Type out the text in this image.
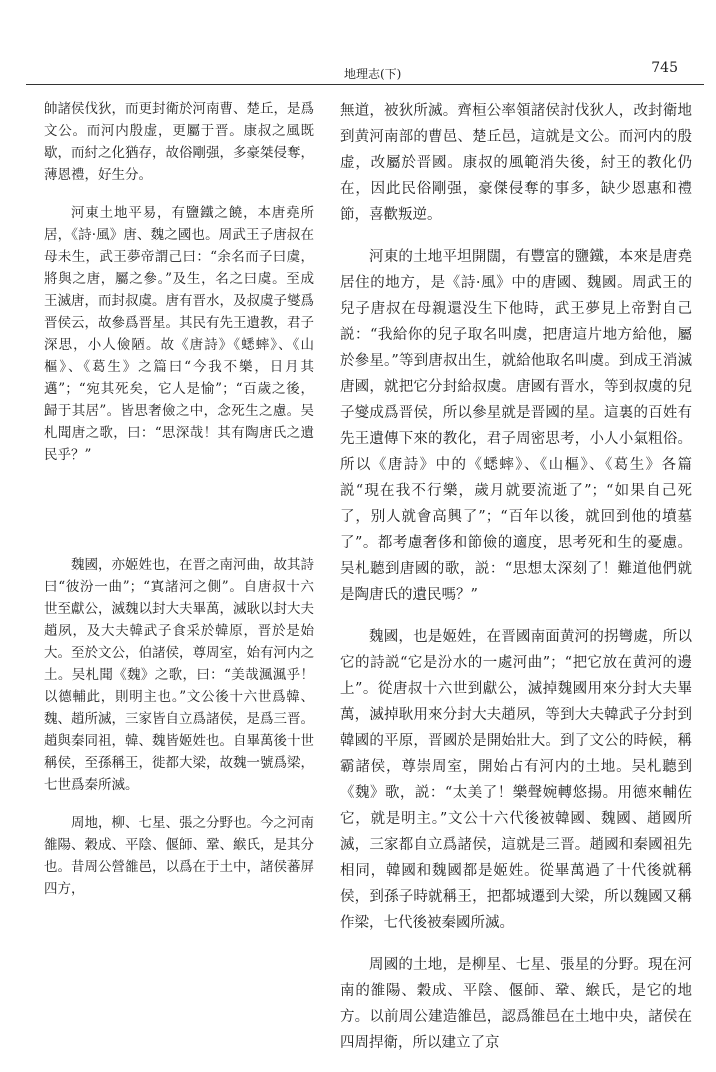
地理志(下)	745

帥諸侯伐狄，而更封衛於河南曹、楚丘，是爲文公。而河内殷虚，更屬于晋。康叔之風既歇，而紂之化猶存，故俗剛强，多豪桀侵奪，薄恩禮，好生分。

河東土地平易，有鹽鐵之饒，本唐堯所居，《詩·風》唐、魏之國也。周武王子唐叔在母未生，武王夢帝謂己曰：“余名而子曰虞，將與之唐，屬之參。”及生，名之曰虞。至成王滅唐，而封叔虞。唐有晋水，及叔虞子燮爲晋侯云，故參爲晋星。其民有先王遺教，君子深思，小人儉陋。故《唐詩》《蟋蟀》、《山樞》、《葛生》之篇曰“今我不樂，日月其邁”；“宛其死矣，它人是愉”；“百歲之後，歸于其居”。皆思奢儉之中，念死生之慮。吴札聞唐之歌，曰：“思深哉！其有陶唐氏之遺民乎？”

魏國，亦姬姓也，在晋之南河曲，故其詩曰“彼汾一曲”；“寘諸河之側”。自唐叔十六世至獻公，滅魏以封大夫畢萬，滅耿以封大夫趙夙，及大夫韓武子食采於韓原，晋於是始大。至於文公，伯諸侯，尊周室，始有河内之土。吴札聞《魏》之歌，曰：“美哉渢渢乎！以德輔此，則明主也。”文公後十六世爲韓、魏、趙所滅，三家皆自立爲諸侯，是爲三晋。趙與秦同祖，韓、魏皆姬姓也。自畢萬後十世稱侯，至孫稱王，徙都大梁，故魏一號爲梁，七世爲秦所滅。

周地，柳、七星、張之分野也。今之河南雒陽、穀成、平陰、偃師、鞏、緱氏，是其分也。昔周公營雒邑，以爲在于土中，諸侯蕃屏四方，

無道，被狄所滅。齊桓公率領諸侯討伐狄人，改封衛地到黄河南部的曹邑、楚丘邑，這就是文公。而河内的殷虚，改屬於晋國。康叔的風範消失後，紂王的教化仍在，因此民俗剛强，豪傑侵奪的事多，缺少恩惠和禮節，喜歡叛逆。

河東的土地平坦開闊，有豐富的鹽鐵，本來是唐堯居住的地方，是《詩·風》中的唐國、魏國。周武王的兒子唐叔在母親還没生下他時，武王夢見上帝對自己説：“我給你的兒子取名叫虞，把唐這片地方給他，屬於參星。”等到唐叔出生，就給他取名叫虞。到成王消滅唐國，就把它分封給叔虞。唐國有晋水，等到叔虞的兒子燮成爲晋侯，所以參星就是晋國的星。這裏的百姓有先王遺傳下來的教化，君子周密思考，小人小氣粗俗。所以《唐詩》中的《蟋蟀》、《山樞》、《葛生》各篇説“現在我不行樂，歲月就要流逝了”；“如果自己死了，别人就會高興了”；“百年以後，就回到他的墳墓了”。都考慮奢侈和節儉的適度，思考死和生的憂慮。吴札聽到唐國的歌，説：“思想太深刻了！難道他們就是陶唐氏的遺民嗎？”

魏國，也是姬姓，在晋國南面黄河的拐彎處，所以它的詩説“它是汾水的一處河曲”；“把它放在黄河的邊上”。從唐叔十六世到獻公，滅掉魏國用來分封大夫畢萬，滅掉耿用來分封大夫趙夙，等到大夫韓武子分封到韓國的平原，晋國於是開始壯大。到了文公的時候，稱霸諸侯，尊崇周室，開始占有河内的土地。吴札聽到《魏》歌，説：“太美了！樂聲婉轉悠揚。用德來輔佐它，就是明主。”文公十六代後被韓國、魏國、趙國所滅，三家都自立爲諸侯，這就是三晋。趙國和秦國祖先相同，韓國和魏國都是姬姓。從畢萬過了十代後就稱侯，到孫子時就稱王，把都城遷到大梁，所以魏國又稱作梁，七代後被秦國所滅。

周國的土地，是柳星、七星、張星的分野。現在河南的雒陽、穀成、平陰、偃師、鞏、緱氏，是它的地方。以前周公建造雒邑，認爲雒邑在土地中央，諸侯在四周捍衛，所以建立了京
